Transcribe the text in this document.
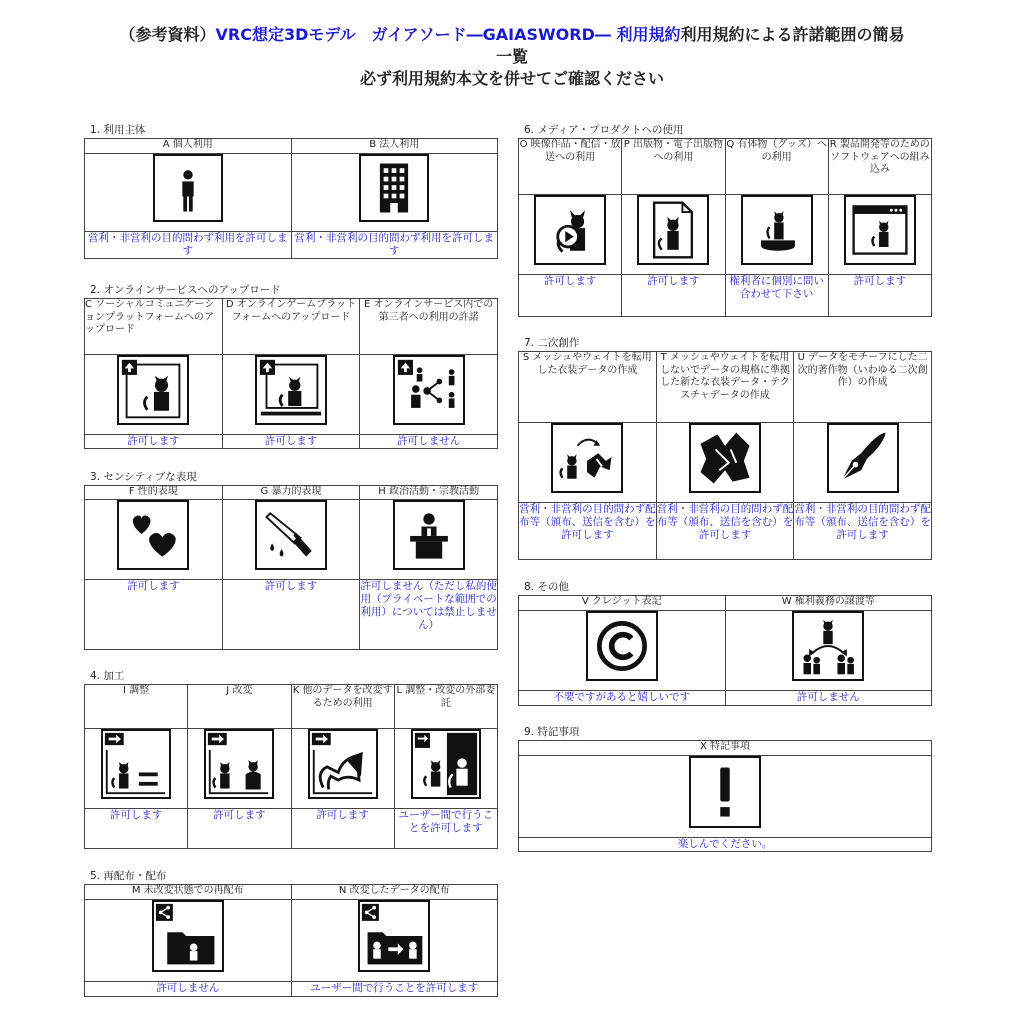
（参考資料）VRC想定3Dモデル　ガイアソード―GAIASWORD― 利用規約利用規約による許諾範囲の簡易
一覧
必ず利用規約本文を併せてご確認ください
1. 利用主体
A 個人利用	B 法人利用

営利・非営利の目的問わず利用を許可します	営利・非営利の目的問わず利用を許可します
2. オンラインサービスへのアップロード
C ソーシャルコミュニケーションプラットフォームへのアップロード	D オンラインゲームプラットフォームへのアップロード	E オンラインサービス内での第三者への利用の許諾

許可します	許可します	許可しません
3. センシティブな表現
F 性的表現	G 暴力的表現	H 政治活動・宗教活動

許可します	許可します	許可しません（ただし私的使用（プライベートな範囲での利用）については禁止しません）
4. 加工
I 調整	J 改変	K 他のデータを改変するための利用	L 調整・改変の外部委託

許可します	許可します	許可します	ユーザー間で行うことを許可します
5. 再配布・配布
M 未改変状態での再配布	N 改変したデータの配布

許可しません	ユーザー間で行うことを許可します
6. メディア・プロダクトへの使用
O 映像作品・配信・放送への利用	P 出版物・電子出版物への利用	Q 有体物（グッズ）への利用	R 製品開発等のためのソフトウェアへの組み込み

許可します	許可します	権利者に個別に問い合わせて下さい	許可します
7. 二次創作
S メッシュやウェイトを転用した衣装データの作成	T メッシュやウェイトを転用しないでデータの規格に準拠した新たな衣装データ・テクスチャデータの作成	U データをモチーフにした二次的著作物（いわゆる二次創作）の作成

営利・非営利の目的問わず配布等（頒布、送信を含む）を許可します	営利・非営利の目的問わず配布等（頒布、送信を含む）を許可します	営利・非営利の目的問わず配布等（頒布、送信を含む）を許可します
8. その他
V クレジット表記	W 権利義務の譲渡等

不要ですがあると嬉しいです	許可しません
9. 特記事項
X 特記事項

楽しんでください。
